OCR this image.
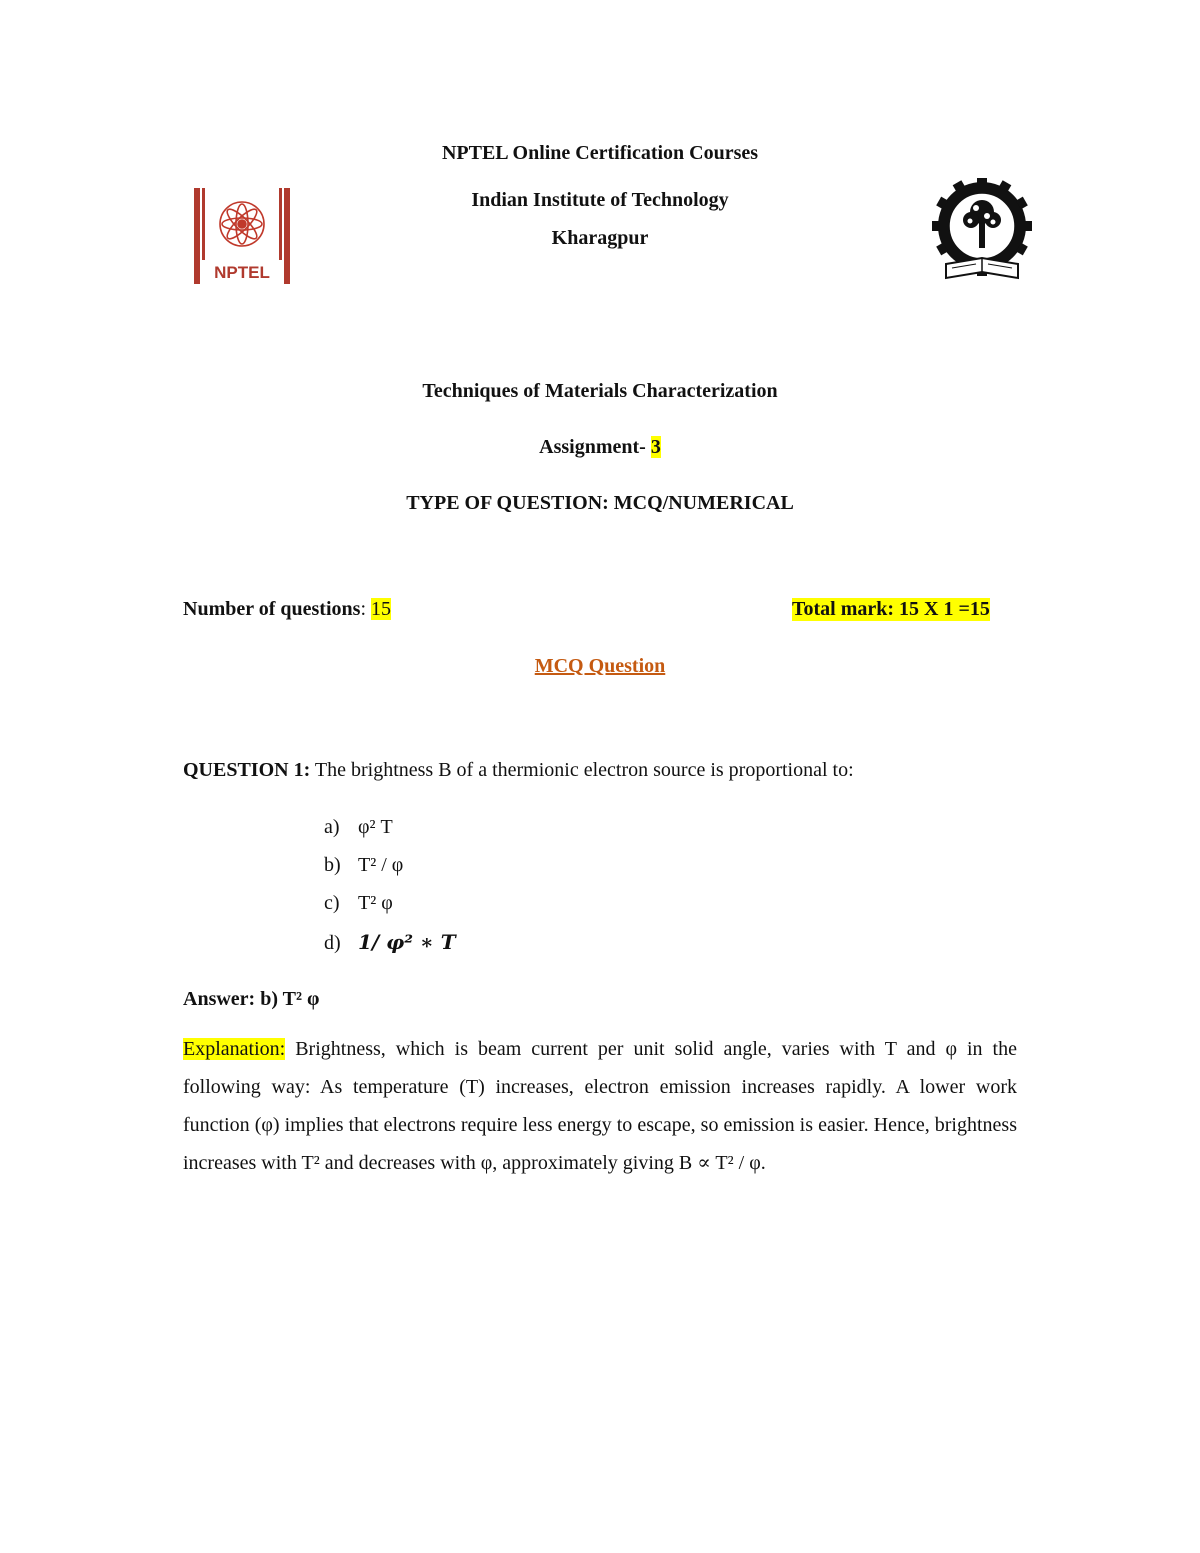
NPTEL
NPTEL Online Certification Courses
Indian Institute of Technology
Kharagpur
Techniques of Materials Characterization
Assignment- 3
TYPE OF QUESTION: MCQ/NUMERICAL
Number of questions: 15	Total mark: 15 X 1 =15
MCQ Question
QUESTION 1: The brightness B of a thermionic electron source is proportional to:
a) φ² T
b) T² / φ
c) T² φ
d) 1/ φ² ∗ T
Answer: b) T² φ
Explanation: Brightness, which is beam current per unit solid angle, varies with T and φ in the following way: As temperature (T) increases, electron emission increases rapidly. A lower work function (φ) implies that electrons require less energy to escape, so emission is easier. Hence, brightness increases with T² and decreases with φ, approximately giving B ∝ T² / φ.
